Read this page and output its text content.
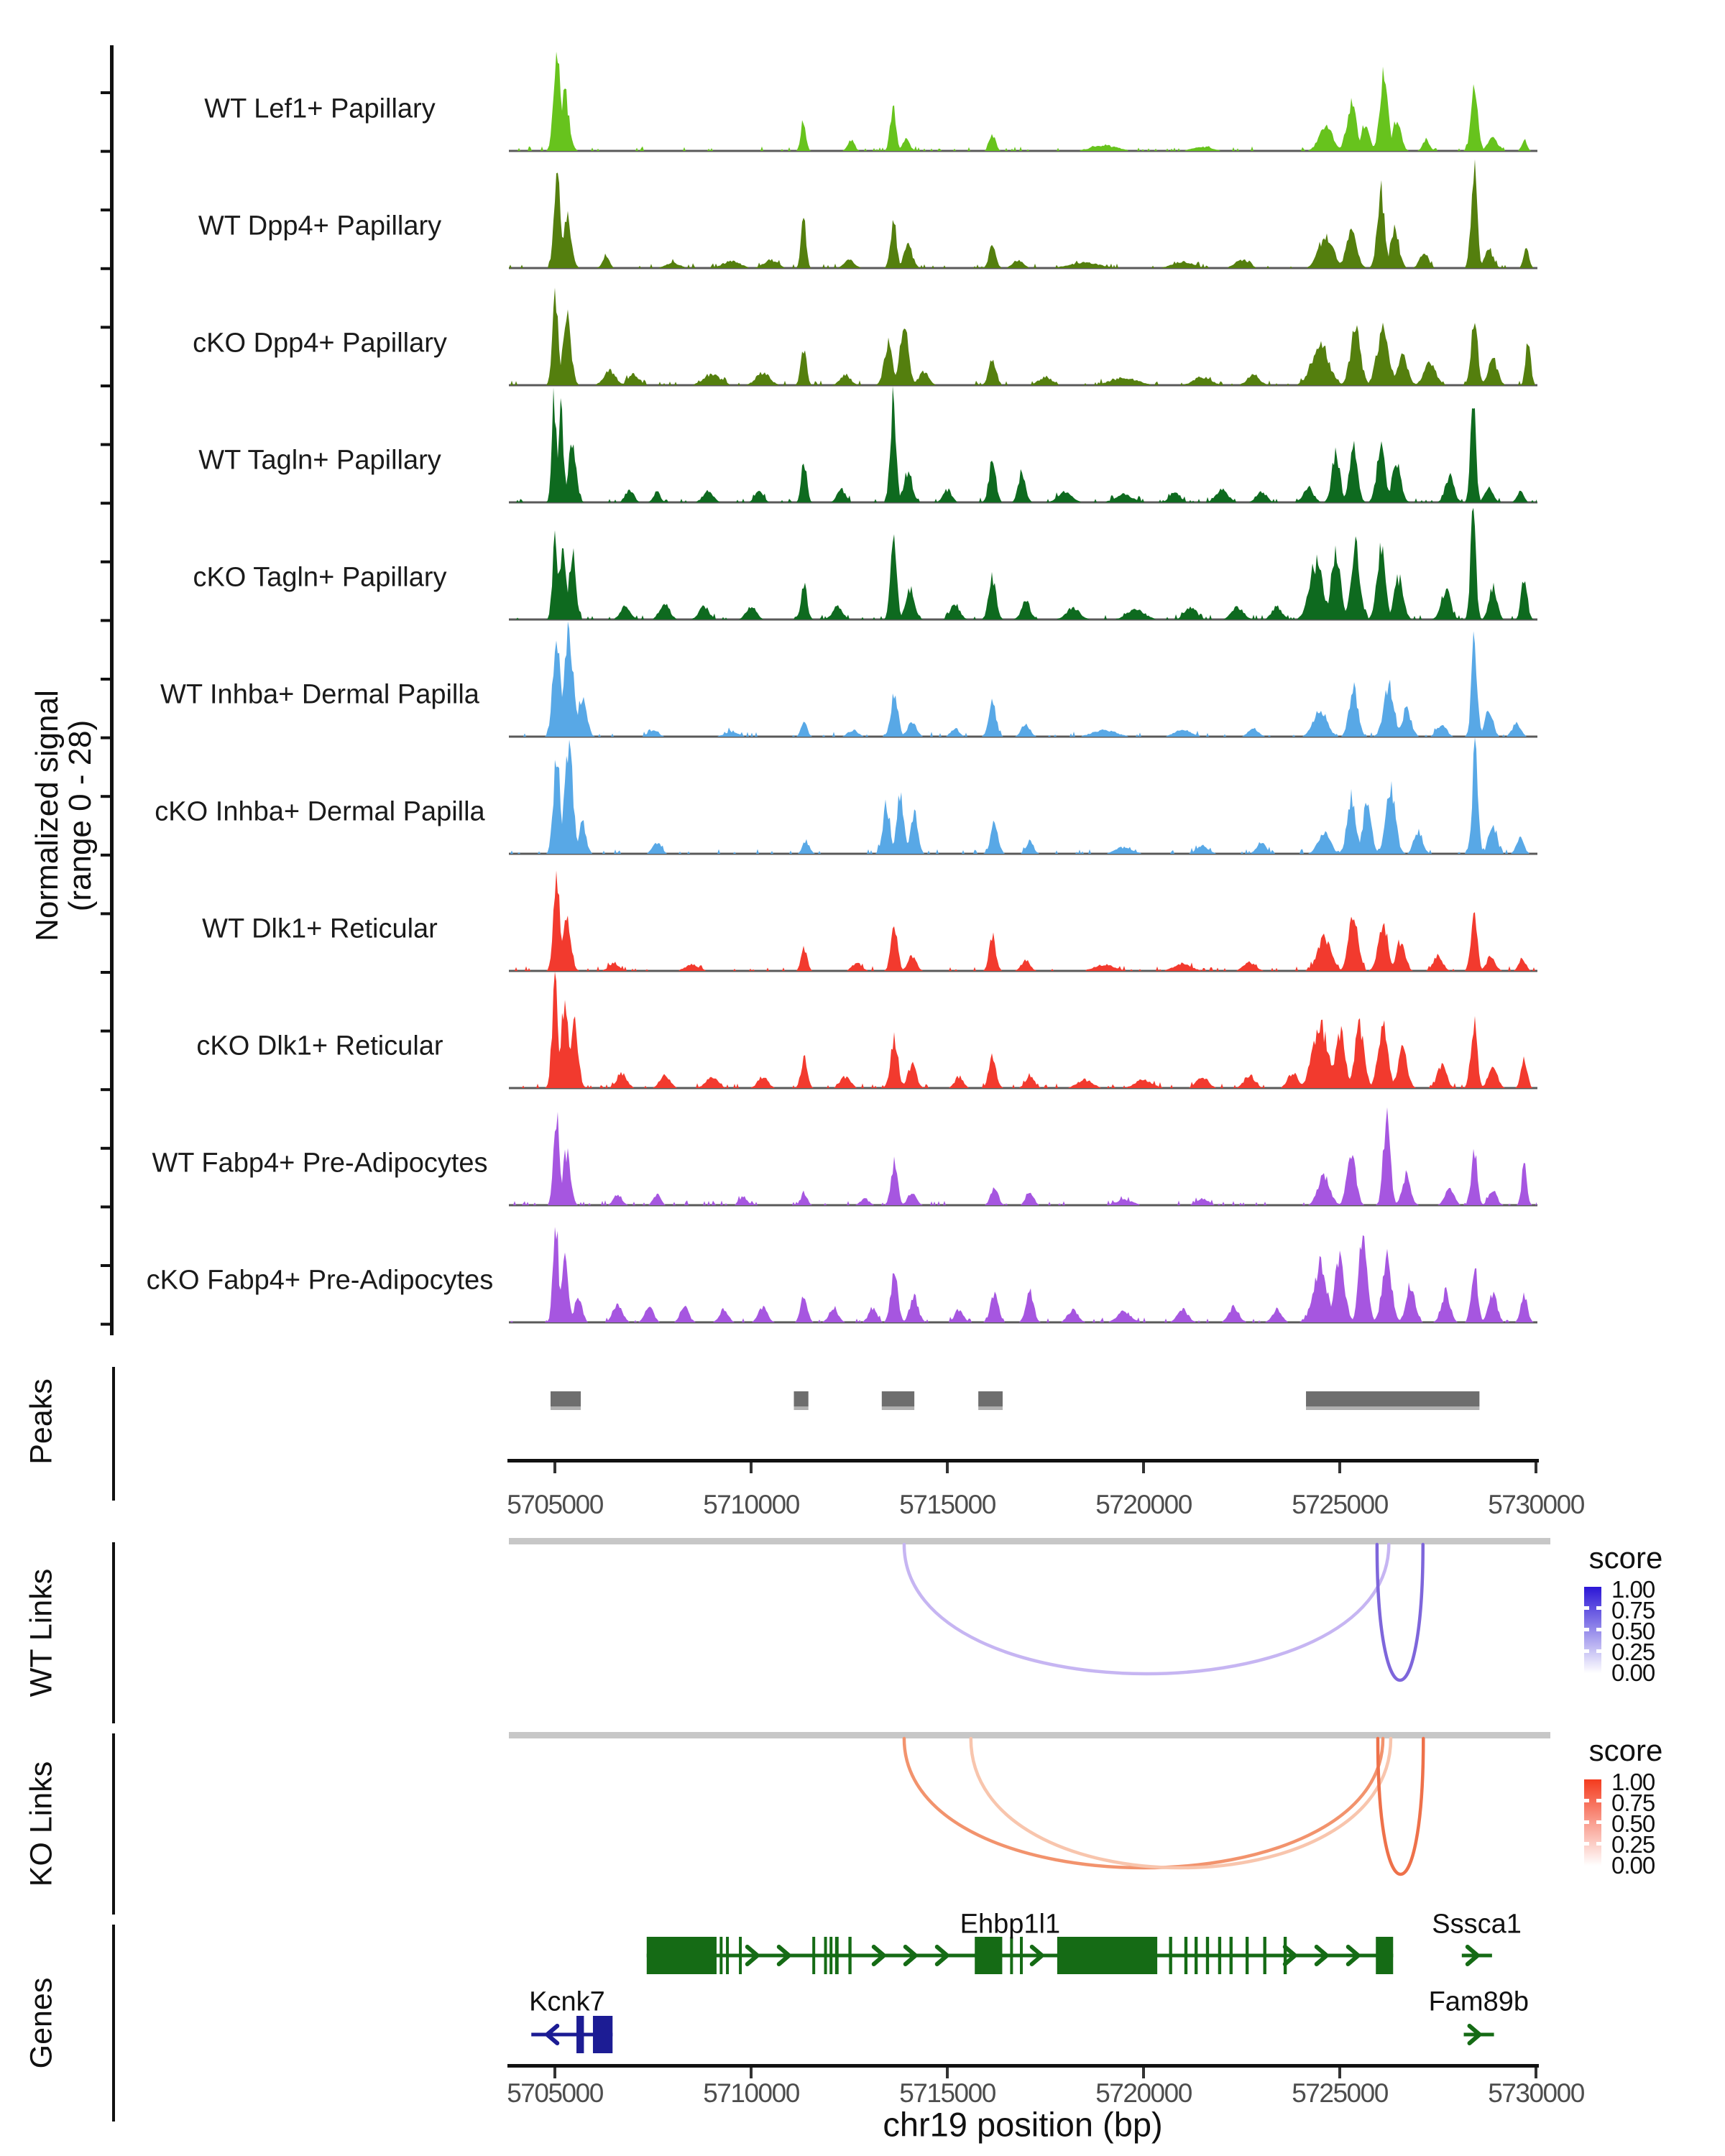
Normalized signal
(range 0 - 28)
Peaks
WT Links
KO Links
Genes
score
score
chr19 position (bp)
WT Lef1+ Papillary
WT Dpp4+ Papillary
cKO Dpp4+ Papillary
WT Tagln+ Papillary
cKO Tagln+ Papillary
WT Inhba+ Dermal Papilla
cKO Inhba+ Dermal Papilla
WT Dlk1+ Reticular
cKO Dlk1+ Reticular
WT Fabp4+ Pre-Adipocytes
cKO Fabp4+ Pre-Adipocytes
5705000	5710000	5715000	5720000	5725000	5730000
5705000	5710000	5715000	5720000	5725000	5730000
1.00
0.75
0.50
0.25
0.00
1.00
0.75
0.50
0.25
0.00
Ehbp1l1	Sssca1
Kcnk7	Fam89b
